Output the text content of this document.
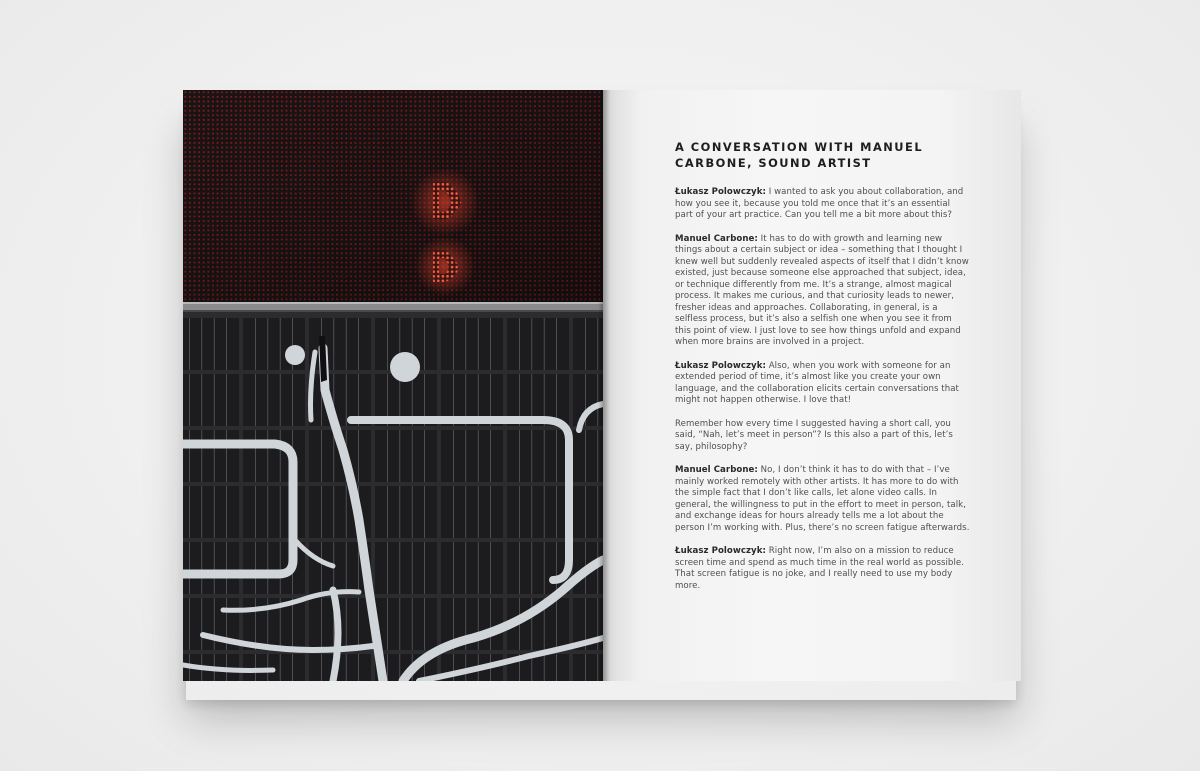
A CONVERSATION WITH MANUEL CARBONE, SOUND ARTIST

Łukasz Polowczyk: I wanted to ask you about collaboration, and how you see it, because you told me once that it’s an essential part of your art practice. Can you tell me a bit more about this?

Manuel Carbone: It has to do with growth and learning new things about a certain subject or idea – something that I thought I knew well but suddenly revealed aspects of itself that I didn’t know existed, just because someone else approached that subject, idea, or technique differently from me. It’s a strange, almost magical process. It makes me curious, and that curiosity leads to newer, fresher ideas and approaches. Collaborating, in general, is a selfless process, but it’s also a selfish one when you see it from this point of view. I just love to see how things unfold and expand when more brains are involved in a project.

Łukasz Polowczyk: Also, when you work with someone for an extended period of time, it’s almost like you create your own language, and the collaboration elicits certain conversations that might not happen otherwise. I love that!

Remember how every time I suggested having a short call, you said, “Nah, let’s meet in person”? Is this also a part of this, let’s say, philosophy?

Manuel Carbone: No, I don’t think it has to do with that – I’ve mainly worked remotely with other artists. It has more to do with the simple fact that I don’t like calls, let alone video calls. In general, the willingness to put in the effort to meet in person, talk, and exchange ideas for hours already tells me a lot about the person I’m working with. Plus, there’s no screen fatigue afterwards.

Łukasz Polowczyk: Right now, I’m also on a mission to reduce screen time and spend as much time in the real world as possible. That screen fatigue is no joke, and I really need to use my body more.
